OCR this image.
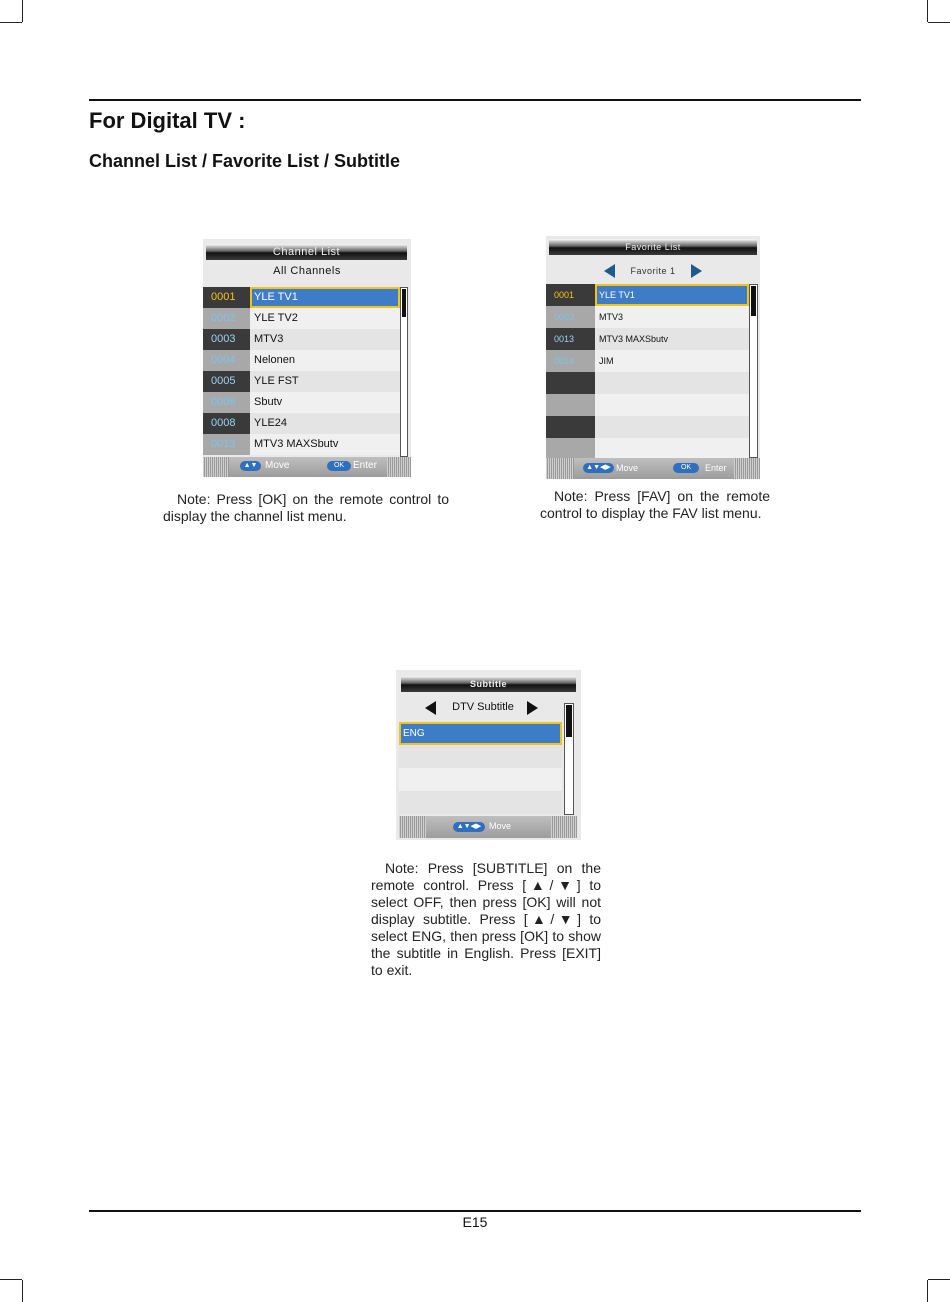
For Digital TV :
Channel List / Favorite List / Subtitle
Channel List
All Channels
0001	YLE TV1
0002	YLE TV2
0003	MTV3
0004	Nelonen
0005	YLE FST
0006	Sbutv
0008	YLE24
0013	MTV3 MAXSbutv
▲▼ Move	OK Enter
Note: Press [OK] on the remote control to display the channel list menu.
Favorite List
Favorite 1
0001	YLE TV1
0003	MTV3
0013	MTV3 MAXSbutv
0014	JIM
▲▼◀▶ Move	OK	Enter
Note: Press [FAV] on the remote control to display the FAV list menu.
Subtitle
DTV Subtitle
ENG
▲▼◀▶ Move
Note: Press [SUBTITLE] on the remote control. Press [▲/▼] to select OFF, then press [OK] will not display subtitle. Press [▲/▼] to select ENG, then press [OK] to show the subtitle in English. Press [EXIT] to exit.
E15
